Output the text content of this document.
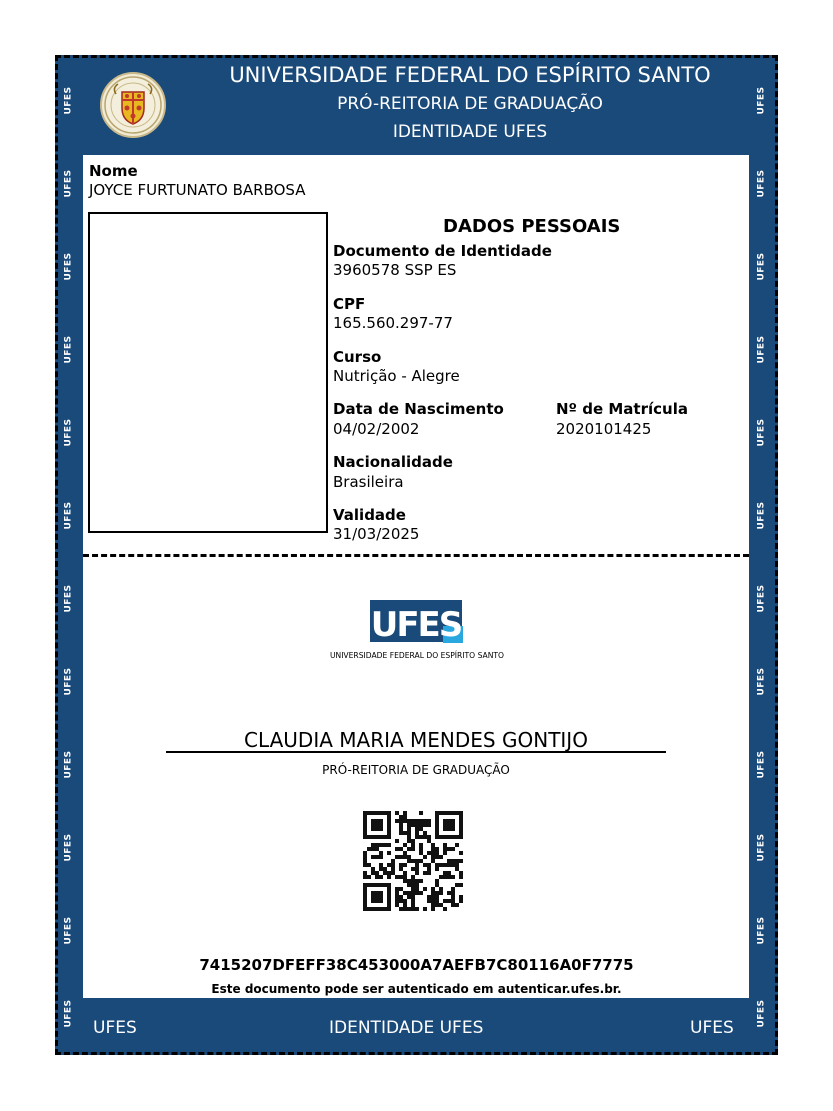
UFES
UFES
UFES
UFES
UFES
UFES
UFES
UFES
UFES
UFES
UFES
UFES
UFES
UFES
UFES
UFES
UFES
UFES
UFES
UFES
UFES
UFES
UFES
UFES
UNIVERSIDADE FEDERAL DO ESPÍRITO SANTO
PRÓ-REITORIA DE GRADUAÇÃO
IDENTIDADE UFES
Nome
JOYCE FURTUNATO BARBOSA
DADOS PESSOAIS
Documento de Identidade
3960578 SSP ES
CPF
165.560.297-77
Curso
Nutrição - Alegre
Data de Nascimento
04/02/2002
Nº de Matrícula
2020101425
Nacionalidade
Brasileira
Validade
31/03/2025
UFES
UNIVERSIDADE FEDERAL DO ESPÍRITO SANTO
CLAUDIA MARIA MENDES GONTIJO
PRÓ-REITORIA DE GRADUAÇÃO
7415207DFEFF38C453000A7AEFB7C80116A0F7775
Este documento pode ser autenticado em autenticar.ufes.br.
UFES	IDENTIDADE UFES	UFES
